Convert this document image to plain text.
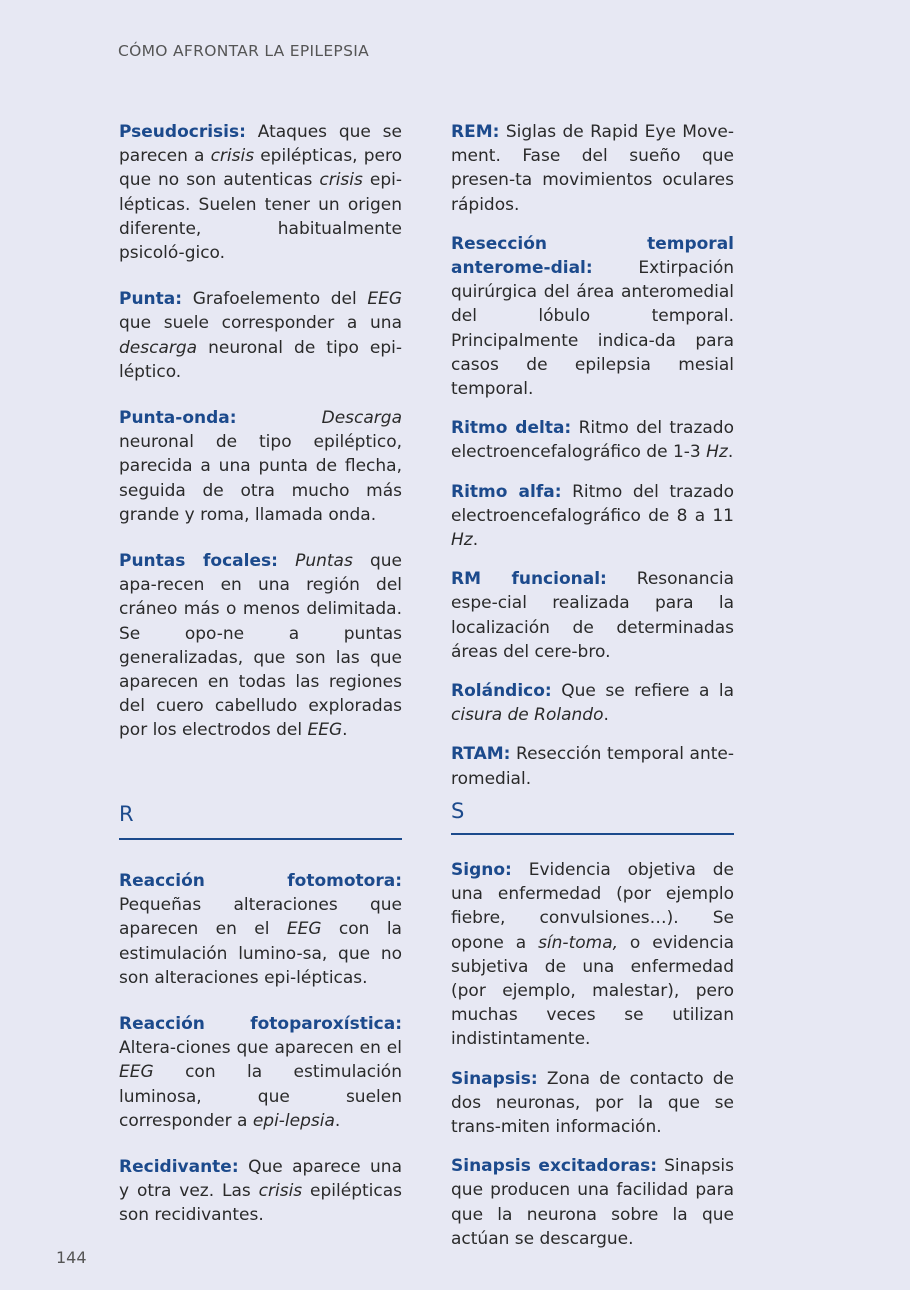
CÓMO AFRONTAR LA EPILEPSIA
Pseudocrisis: Ataques que se parecen a crisis epilépticas, pero que no son autenticas crisis epi-lépticas. Suelen tener un origen diferente, habitualmente psicoló-gico.
Punta: Grafoelemento del EEG que suele corresponder a una descarga neuronal de tipo epi-léptico.
Punta-onda:	Descarga neuronal de tipo epiléptico, parecida a una punta de flecha, seguida de otra mucho más grande y roma, llamada onda.
Puntas focales: Puntas que apa-recen en una región del cráneo más o menos delimitada. Se opo-ne a puntas generalizadas, que son las que aparecen en todas las regiones del cuero cabelludo exploradas por los electrodos del EEG.
REM: Siglas de Rapid Eye Move-ment. Fase del sueño que presen-ta movimientos oculares rápidos.
Resección temporal anterome-dial:	Extirpación quirúrgica del área anteromedial del lóbulo temporal. Principalmente indica-da para casos de epilepsia mesial temporal.
Ritmo delta: Ritmo del trazado electroencefalográfico de 1-3 Hz.
Ritmo alfa: Ritmo del trazado electroencefalográfico de 8 a 11 Hz.
RM funcional: Resonancia espe-cial realizada para la localización de determinadas áreas del cere-bro.
Rolándico: Que se refiere a la cisura de Rolando.
RTAM: Resección temporal ante-romedial.
R	S
Reacción fotomotora: Pequeñas alteraciones que aparecen en el EEG con la estimulación lumino-sa, que no son alteraciones epi-lépticas.
Reacción fotoparoxística: Altera-ciones que aparecen en el EEG con la estimulación luminosa, que suelen corresponder a epi-lepsia.
Recidivante: Que aparece una y otra vez. Las crisis epilépticas son recidivantes.
Signo: Evidencia objetiva de una enfermedad (por ejemplo fiebre, convulsiones…). Se opone a sín-toma, o evidencia subjetiva de una enfermedad (por ejemplo, malestar), pero muchas veces se utilizan indistintamente.
Sinapsis: Zona de contacto de dos neuronas, por la que se trans-miten información.
Sinapsis excitadoras: Sinapsis que producen una facilidad para que la neurona sobre la que actúan se descargue.
144
